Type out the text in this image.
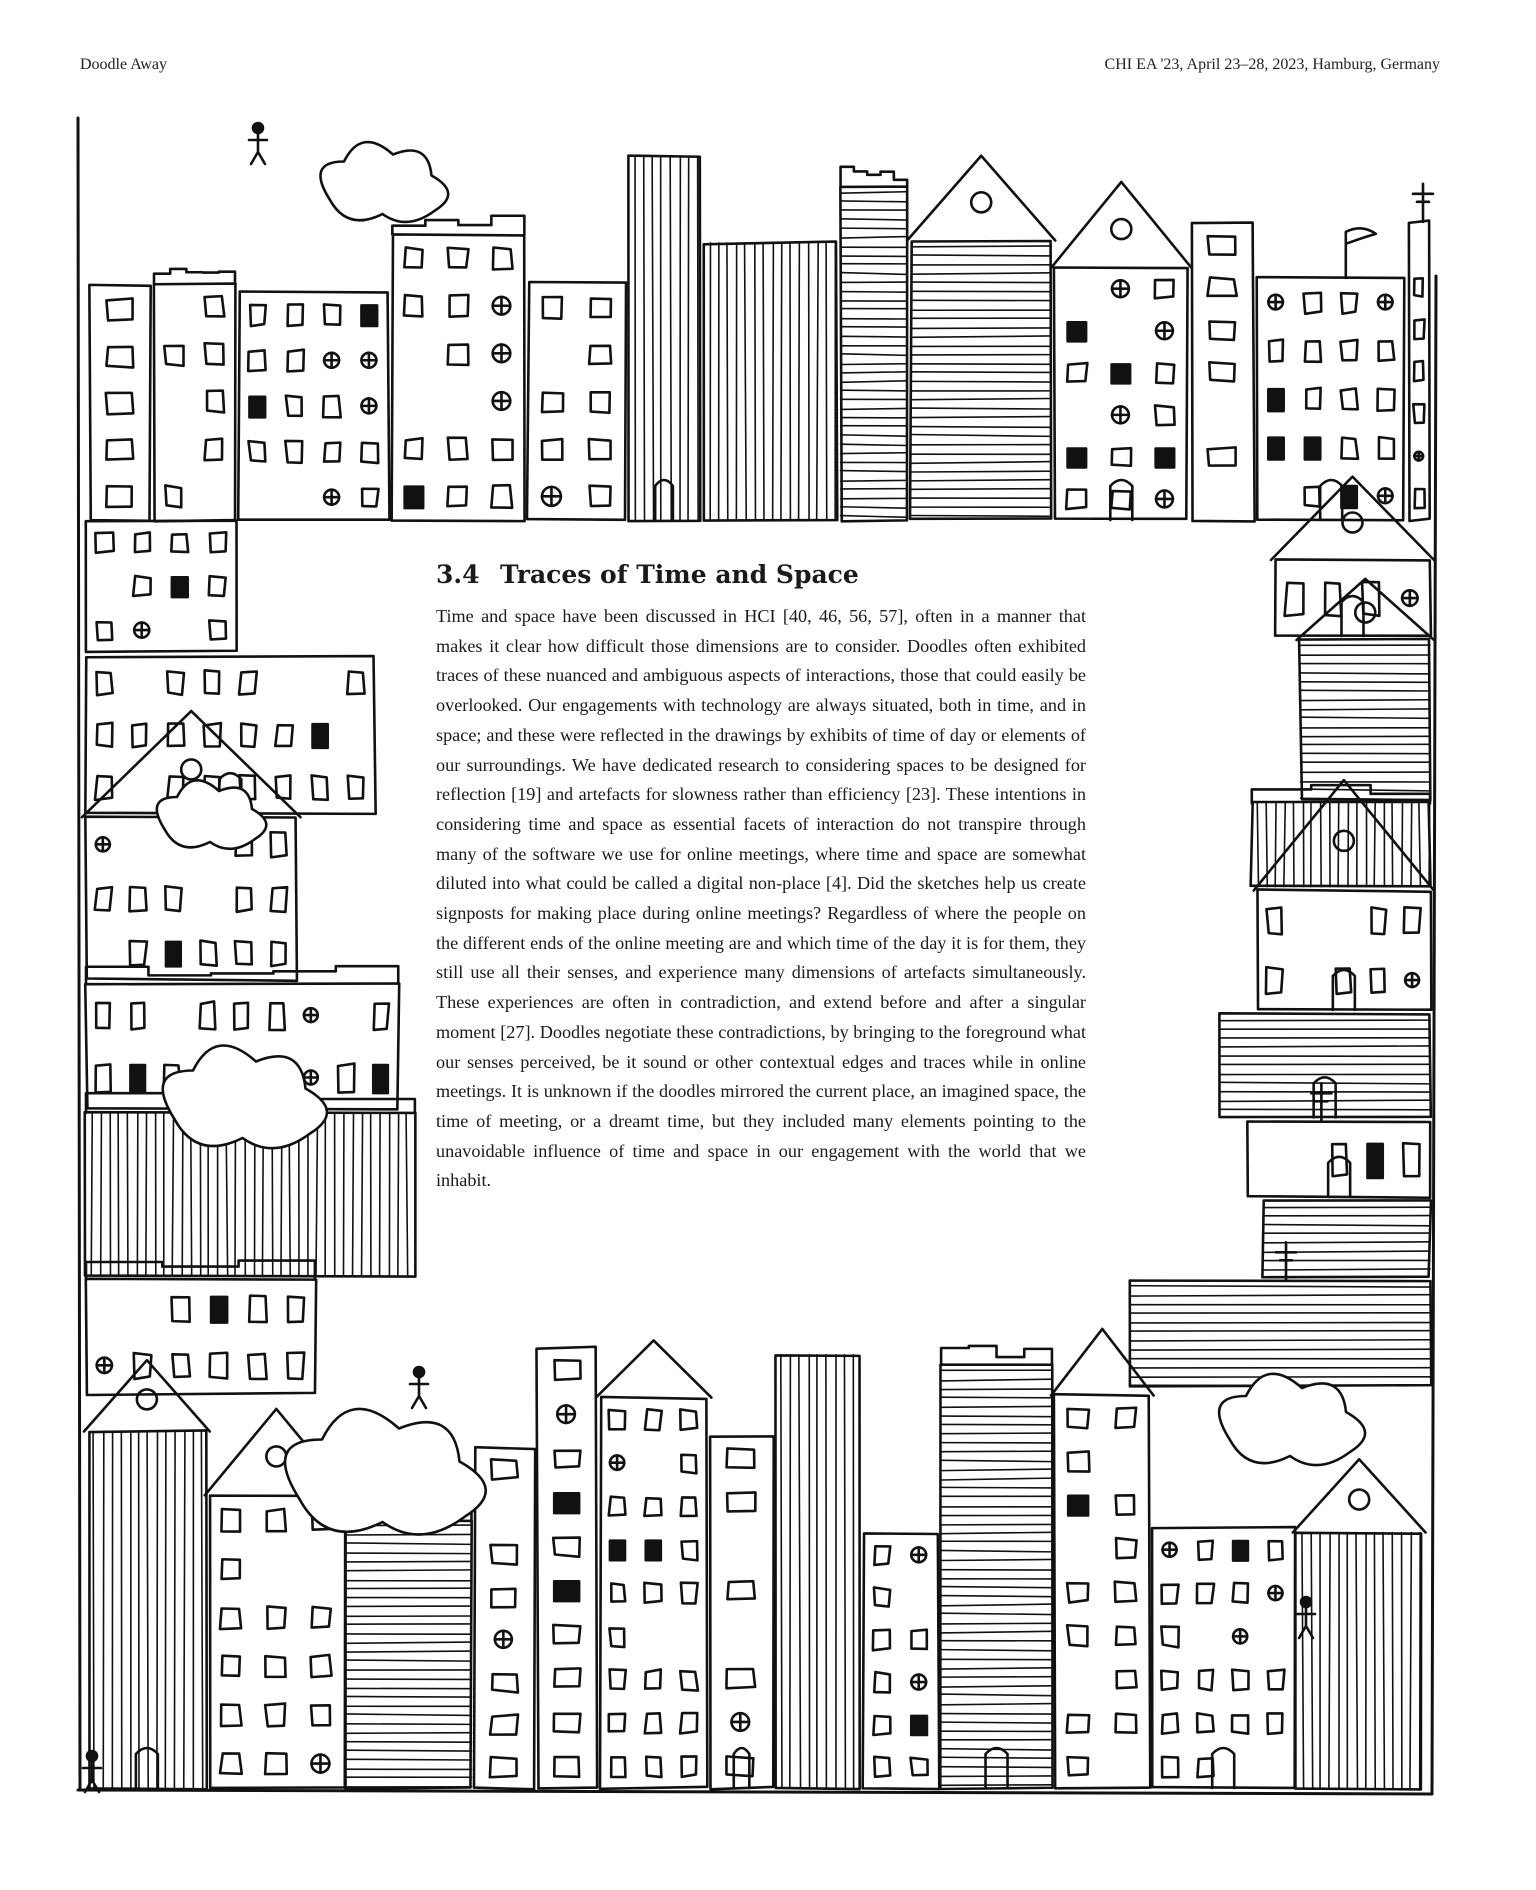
Doodle Away	CHI EA '23, April 23–28, 2023, Hamburg, Germany
3.4 Traces of Time and Space

Time and space have been discussed in HCI [40, 46, 56, 57], often in a manner that makes it clear how difficult those dimensions are to consider. Doodles often exhibited traces of these nuanced and ambiguous aspects of interactions, those that could easily be overlooked. Our engagements with technology are always situated, both in time, and in space; and these were reflected in the drawings by exhibits of time of day or elements of our surroundings. We have dedicated research to considering spaces to be designed for reflection [19] and artefacts for slowness rather than efficiency [23]. These intentions in considering time and space as essential facets of interaction do not transpire through many of the software we use for online meetings, where time and space are somewhat diluted into what could be called a digital non-place [4]. Did the sketches help us create signposts for making place during online meetings? Regardless of where the people on the different ends of the online meeting are and which time of the day it is for them, they still use all their senses, and experience many dimensions of artefacts simultaneously. These experiences are often in contradiction, and extend before and after a singular moment [27]. Doodles negotiate these contradictions, by bringing to the foreground what our senses perceived, be it sound or other contextual edges and traces while in online meetings. It is unknown if the doodles mirrored the current place, an imagined space, the time of meeting, or a dreamt time, but they included many elements pointing to the unavoidable influence of time and space in our engagement with the world that we inhabit.
